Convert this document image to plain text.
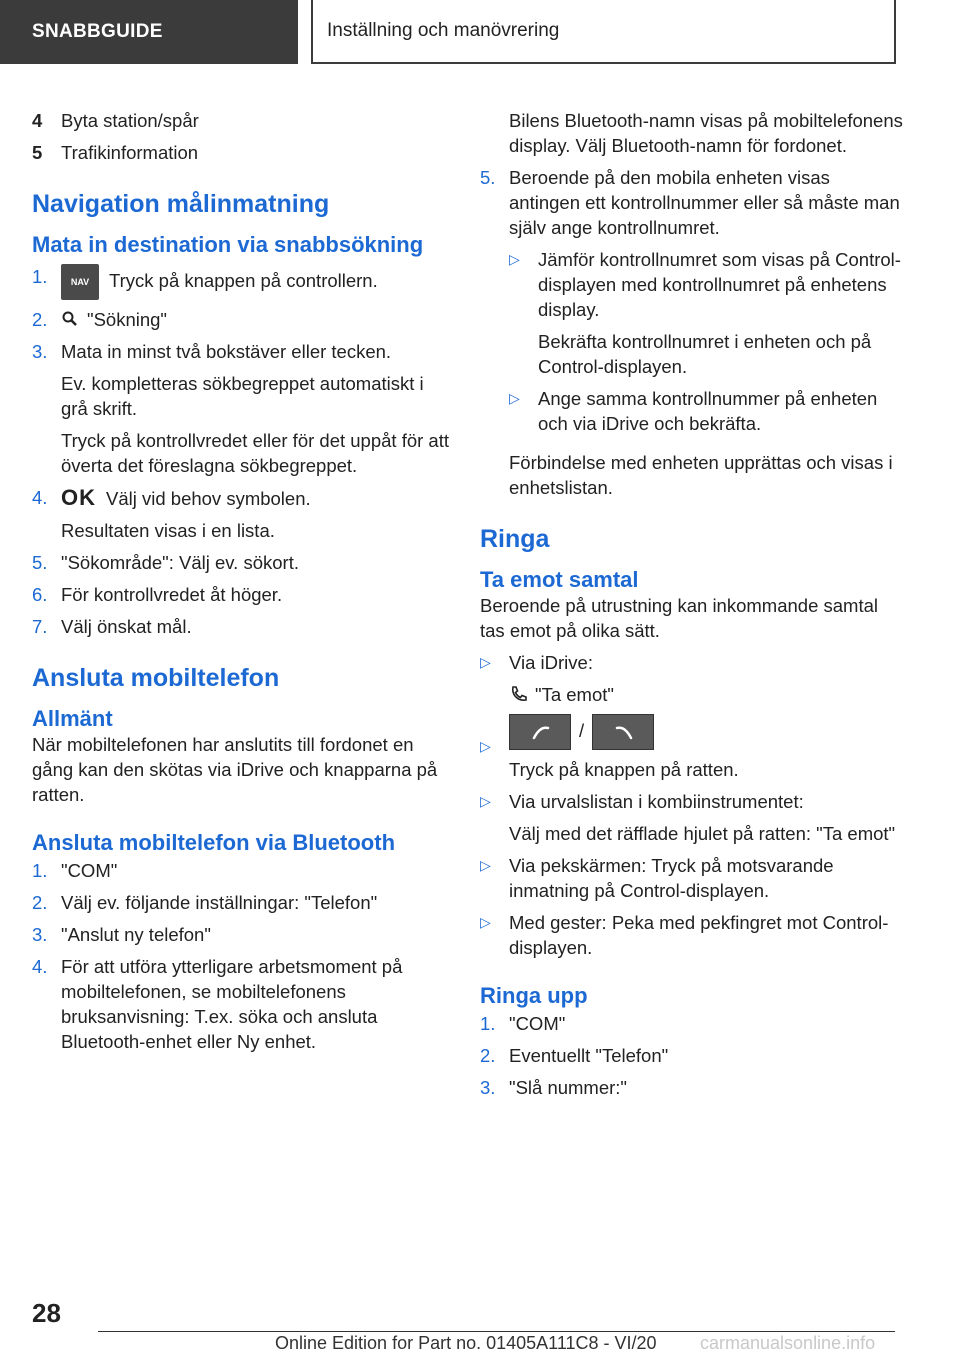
SNABBGUIDE	Inställning och manövrering
4	Byta station/spår
5	Trafikinformation
Navigation målinmatning
Mata in destination via snabbsökning
1.	NAV Tryck på knappen på controllern.
2.	"Sökning"
3. Mata in minst två bokstäver eller tecken.
Ev. kompletteras sökbegreppet automatiskt i grå skrift.
Tryck på kontrollvredet eller för det uppåt för att överta det föreslagna sökbegreppet.
4. OK Välj vid behov symbolen.
Resultaten visas i en lista.
5. "Sökområde": Välj ev. sökort.
6. För kontrollvredet åt höger.
7. Välj önskat mål.
Ansluta mobiltelefon
Allmänt
När mobiltelefonen har anslutits till fordonet en gång kan den skötas via iDrive och knapparna på ratten.
Ansluta mobiltelefon via Bluetooth
1. "COM"
2. Välj ev. följande inställningar: "Telefon"
3. "Anslut ny telefon"
4. För att utföra ytterligare arbetsmoment på mobiltelefonen, se mobiltelefonens bruksanvisning: T.ex. söka och ansluta Bluetooth-enhet eller Ny enhet.
Bilens Bluetooth-namn visas på mobiltelefonens display. Välj Bluetooth-namn för fordonet.
5. Beroende på den mobila enheten visas antingen ett kontrollnummer eller så måste man själv ange kontrollnumret.
▷ Jämför kontrollnumret som visas på Control-displayen med kontrollnumret på enhetens display.
Bekräfta kontrollnumret i enheten och på Control-displayen.
▷ Ange samma kontrollnummer på enheten och via iDrive och bekräfta.
Förbindelse med enheten upprättas och visas i enhetslistan.
Ringa
Ta emot samtal
Beroende på utrustning kan inkommande samtal tas emot på olika sätt.
▷ Via iDrive:
"Ta emot"
▷
/
Tryck på knappen på ratten.
▷ Via urvalslistan i kombiinstrumentet:
Välj med det räfflade hjulet på ratten: "Ta emot"
▷ Via pekskärmen: Tryck på motsvarande inmatning på Control-displayen.
▷ Med gester: Peka med pekfingret mot Control-displayen.
Ringa upp
1. "COM"
2. Eventuellt "Telefon"
3. "Slå nummer:"
28
Online Edition for Part no. 01405A111C8 - VI/20 carmanualsonline.info
